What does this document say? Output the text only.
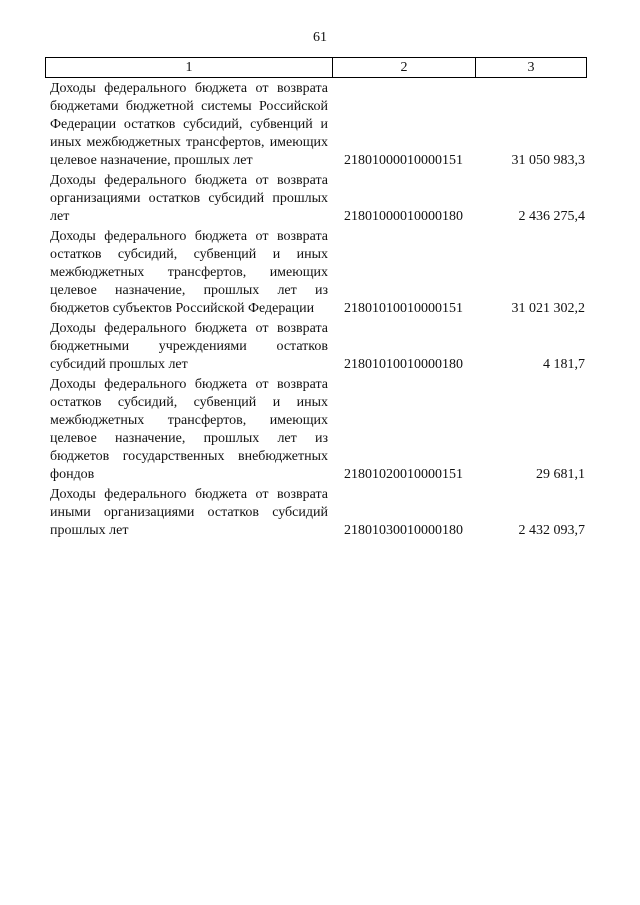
61
1	2	3
Доходы федерального бюджета от возврата бюджетами бюджетной системы Российской Федерации остатков субсидий, субвенций и иных межбюджетных трансфертов, имеющих целевое назначение, прошлых лет	21801000010000151	31 050 983,3
Доходы федерального бюджета от возврата организациями остатков субсидий прошлых лет	21801000010000180	2 436 275,4
Доходы федерального бюджета от возврата остатков субсидий, субвенций и иных межбюджетных трансфертов, имеющих целевое назначение, прошлых лет из бюджетов субъектов Российской Федерации	21801010010000151	31 021 302,2
Доходы федерального бюджета от возврата бюджетными учреждениями остатков субсидий прошлых лет	21801010010000180	4 181,7
Доходы федерального бюджета от возврата остатков субсидий, субвенций и иных межбюджетных трансфертов, имеющих целевое назначение, прошлых лет из бюджетов государственных внебюджетных фондов	21801020010000151	29 681,1
Доходы федерального бюджета от возврата иными организациями остатков субсидий прошлых лет	21801030010000180	2 432 093,7
